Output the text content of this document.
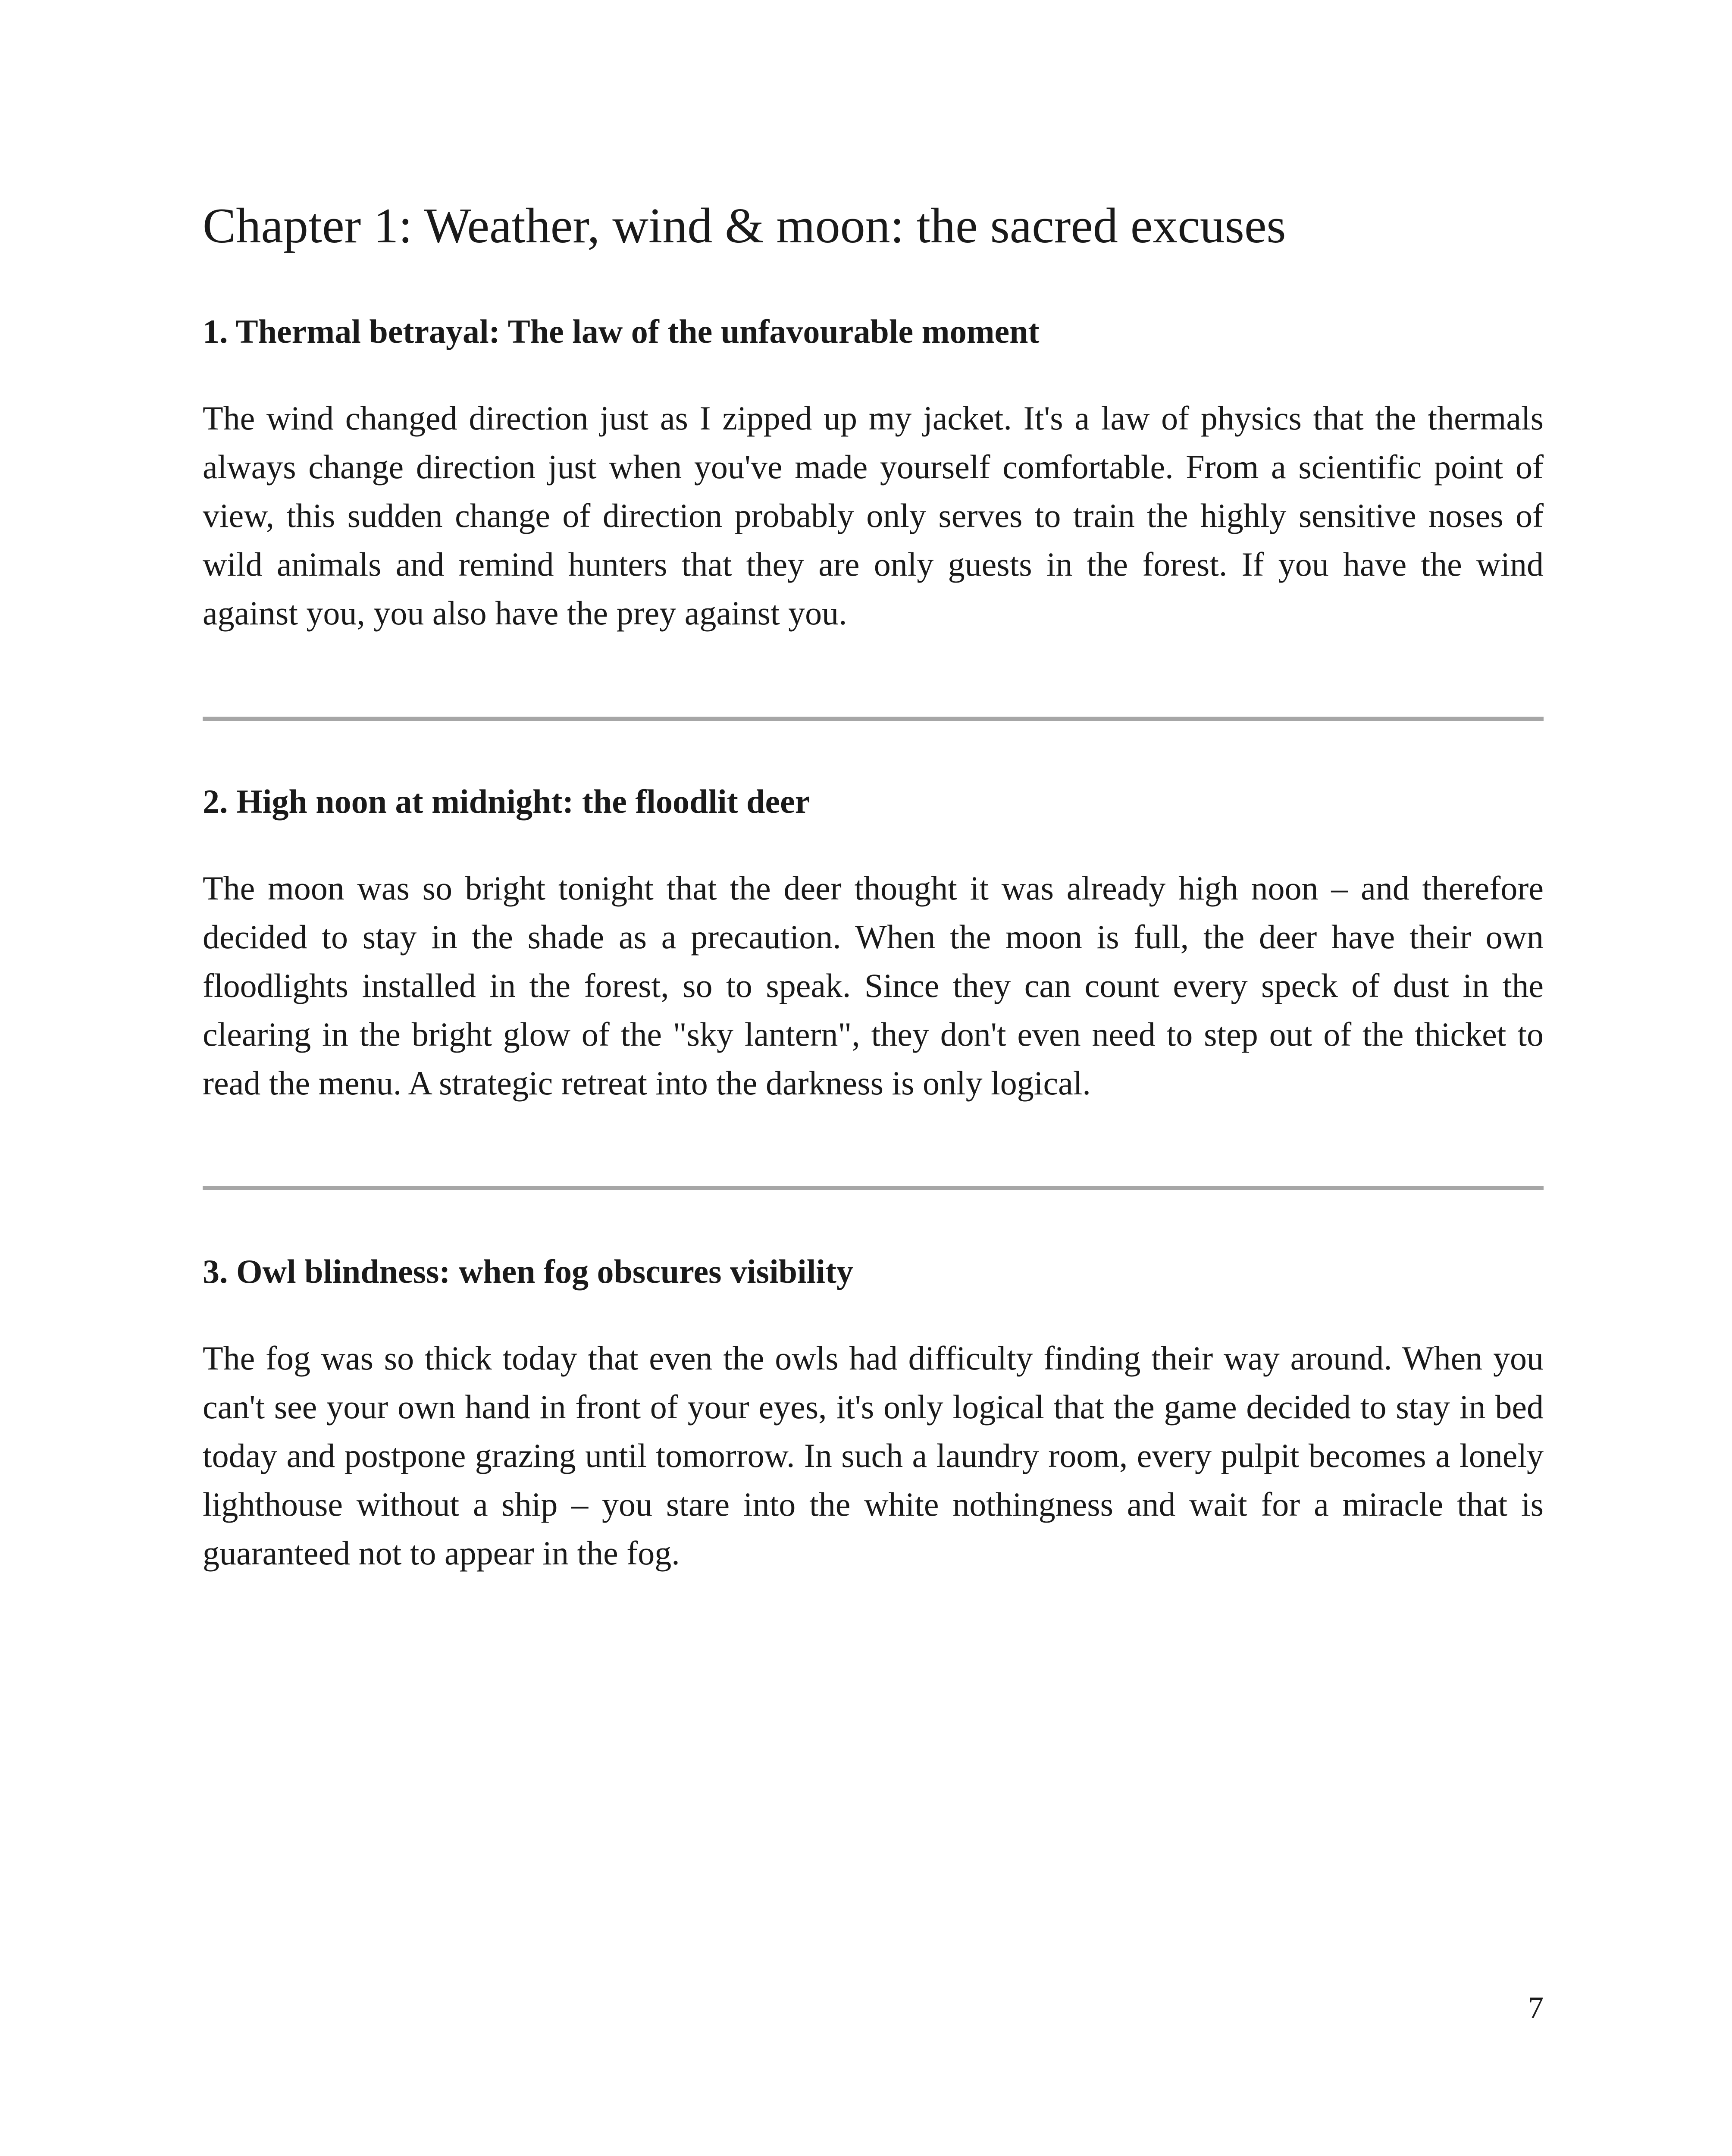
Chapter 1: Weather, wind & moon: the sacred excuses
1. Thermal betrayal: The law of the unfavourable moment

The wind changed direction just as I zipped up my jacket. It's a law of physics that the thermals always change direction just when you've made yourself comfortable. From a scientific point of view, this sudden change of direction probably only serves to train the highly sensitive noses of wild animals and remind hunters that they are only guests in the forest. If you have the wind against you, you also have the prey against you.

2. High noon at midnight: the floodlit deer

The moon was so bright tonight that the deer thought it was already high noon – and therefore decided to stay in the shade as a precaution. When the moon is full, the deer have their own floodlights installed in the forest, so to speak. Since they can count every speck of dust in the clearing in the bright glow of the "sky lantern", they don't even need to step out of the thicket to read the menu. A strategic retreat into the darkness is only logical.

3. Owl blindness: when fog obscures visibility

The fog was so thick today that even the owls had difficulty finding their way around. When you can't see your own hand in front of your eyes, it's only logical that the game decided to stay in bed today and postpone grazing until tomorrow. In such a laundry room, every pulpit becomes a lonely lighthouse without a ship – you stare into the white nothingness and wait for a miracle that is guaranteed not to appear in the fog.

7
